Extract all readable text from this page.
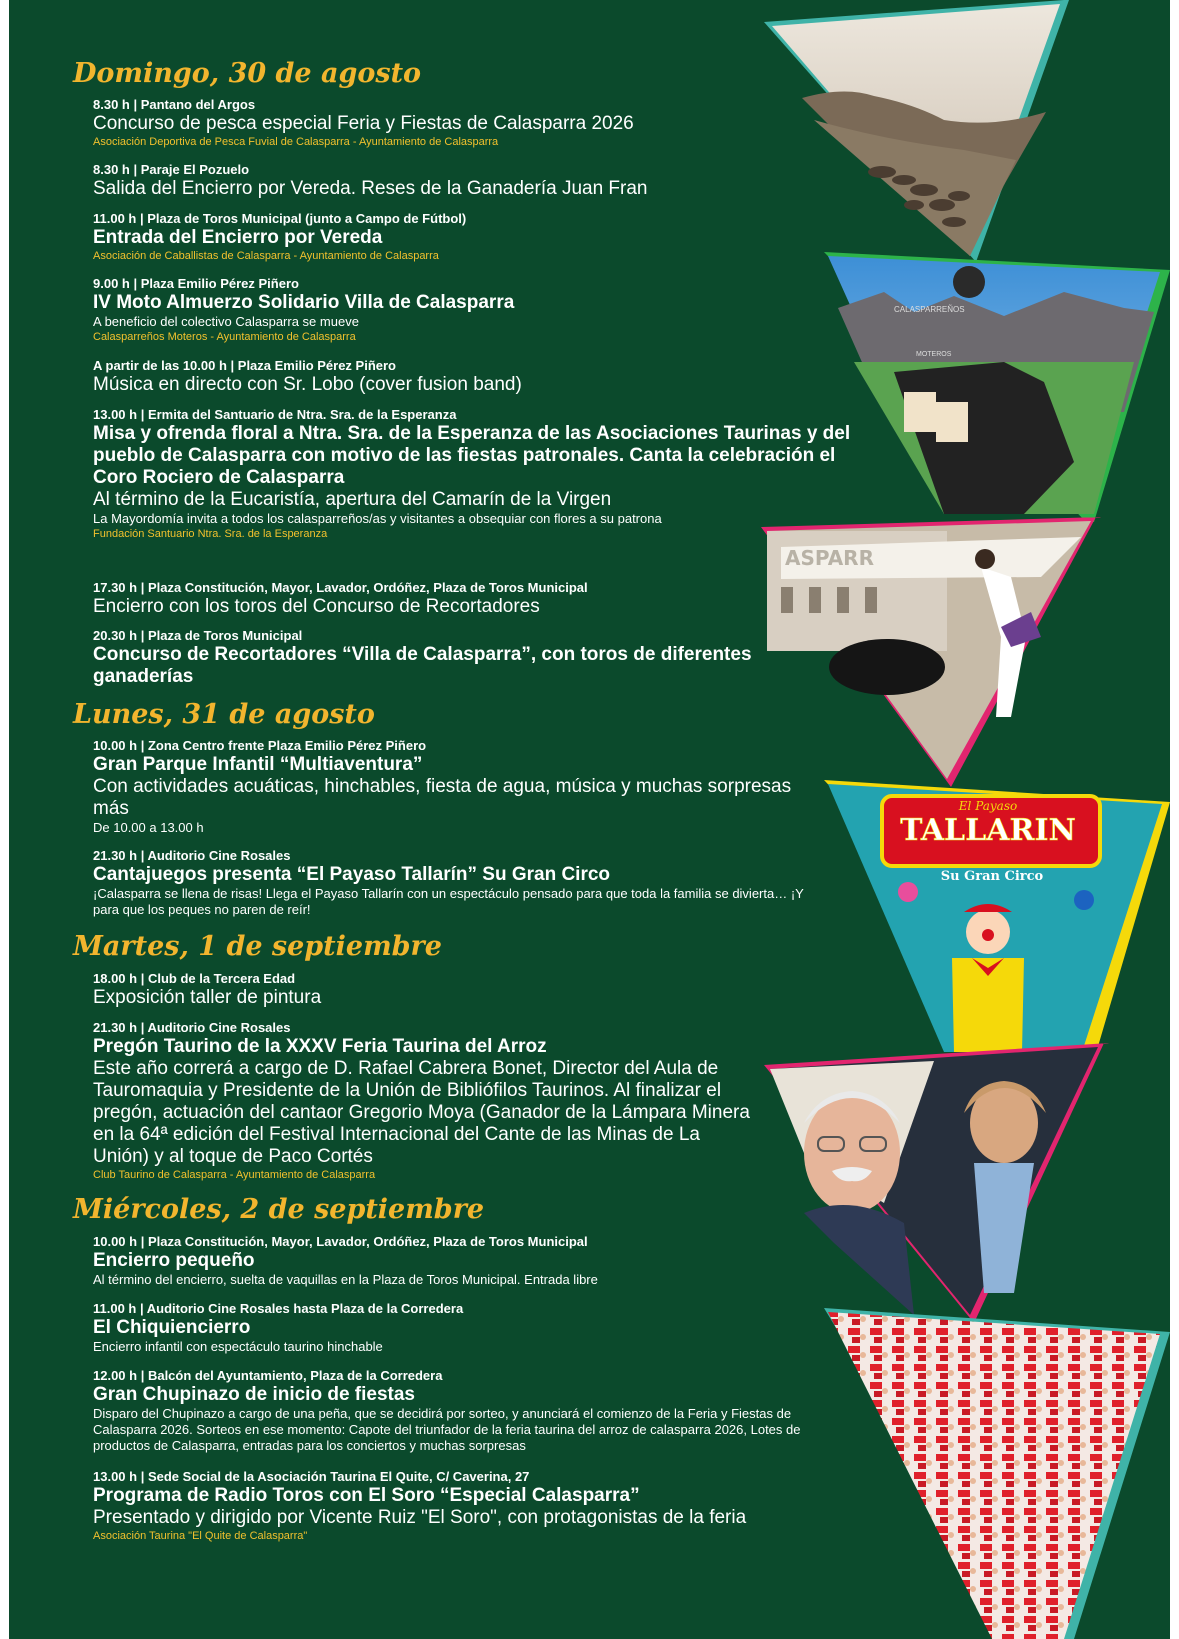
CALASPARREÑOS
MOTEROS
ASPARR
El Payaso
TALLARIN
Su Gran Circo
Domingo, 30 de agosto
8.30 h | Pantano del Argos
Concurso de pesca especial Feria y Fiestas de Calasparra 2026
Asociación Deportiva de Pesca Fuvial de Calasparra - Ayuntamiento de Calasparra
8.30 h | Paraje El Pozuelo
Salida del Encierro por Vereda. Reses de la Ganadería Juan Fran
11.00 h | Plaza de Toros Municipal (junto a Campo de Fútbol)
Entrada del Encierro por Vereda
Asociación de Caballistas de Calasparra - Ayuntamiento de Calasparra
9.00 h | Plaza Emilio Pérez Piñero
IV Moto Almuerzo Solidario Villa de Calasparra
A beneficio del colectivo Calasparra se mueve
Calasparreños Moteros - Ayuntamiento de Calasparra
A partir de las 10.00 h | Plaza Emilio Pérez Piñero
Música en directo con Sr. Lobo (cover fusion band)
13.00 h | Ermita del Santuario de Ntra. Sra. de la Esperanza
Misa y ofrenda floral a Ntra. Sra. de la Esperanza de las Asociaciones Taurinas y del pueblo de Calasparra con motivo de las fiestas patronales. Canta la celebración el Coro Rociero de Calasparra
Al término de la Eucaristía, apertura del Camarín de la Virgen
La Mayordomía invita a todos los calasparreños/as y visitantes a obsequiar con flores a su patrona
Fundación Santuario Ntra. Sra. de la Esperanza
17.30 h | Plaza Constitución, Mayor, Lavador, Ordóñez, Plaza de Toros Municipal
Encierro con los toros del Concurso de Recortadores
20.30 h | Plaza de Toros Municipal
Concurso de Recortadores “Villa de Calasparra”, con toros de diferentes ganaderías
Lunes, 31 de agosto
10.00 h | Zona Centro frente Plaza Emilio Pérez Piñero
Gran Parque Infantil “Multiaventura”
Con actividades acuáticas, hinchables, fiesta de agua, música y muchas sorpresas más
De 10.00 a 13.00 h
21.30 h | Auditorio Cine Rosales
Cantajuegos presenta “El Payaso Tallarín” Su Gran Circo
¡Calasparra se llena de risas! Llega el Payaso Tallarín con un espectáculo pensado para que toda la familia se divierta… ¡Y para que los peques no paren de reír!
Martes, 1 de septiembre
18.00 h | Club de la Tercera Edad
Exposición taller de pintura
21.30 h | Auditorio Cine Rosales
Pregón Taurino de la XXXV Feria Taurina del Arroz
Este año correrá a cargo de D. Rafael Cabrera Bonet, Director del Aula de Tauromaquia y Presidente de la Unión de Bibliófilos Taurinos. Al finalizar el pregón, actuación del cantaor Gregorio Moya (Ganador de la Lámpara Minera en la 64ª edición del Festival Internacional del Cante de las Minas de La Unión) y al toque de Paco Cortés
Club Taurino de Calasparra - Ayuntamiento de Calasparra
Miércoles, 2 de septiembre
10.00 h | Plaza Constitución, Mayor, Lavador, Ordóñez, Plaza de Toros Municipal
Encierro pequeño
Al término del encierro, suelta de vaquillas en la Plaza de Toros Municipal. Entrada libre
11.00 h | Auditorio Cine Rosales hasta Plaza de la Corredera
El Chiquiencierro
Encierro infantil con espectáculo taurino hinchable
12.00 h | Balcón del Ayuntamiento, Plaza de la Corredera
Gran Chupinazo de inicio de fiestas
Disparo del Chupinazo a cargo de una peña, que se decidirá por sorteo, y anunciará el comienzo de la Feria y Fiestas de Calasparra 2026. Sorteos en ese momento: Capote del triunfador de la feria taurina del arroz de calasparra 2026, Lotes de productos de Calasparra, entradas para los conciertos y muchas sorpresas
13.00 h | Sede Social de la Asociación Taurina El Quite, C/ Caverina, 27
Programa de Radio Toros con El Soro “Especial Calasparra”
Presentado y dirigido por Vicente Ruiz "El Soro", con protagonistas de la feria
Asociación Taurina "El Quite de Calasparra"
